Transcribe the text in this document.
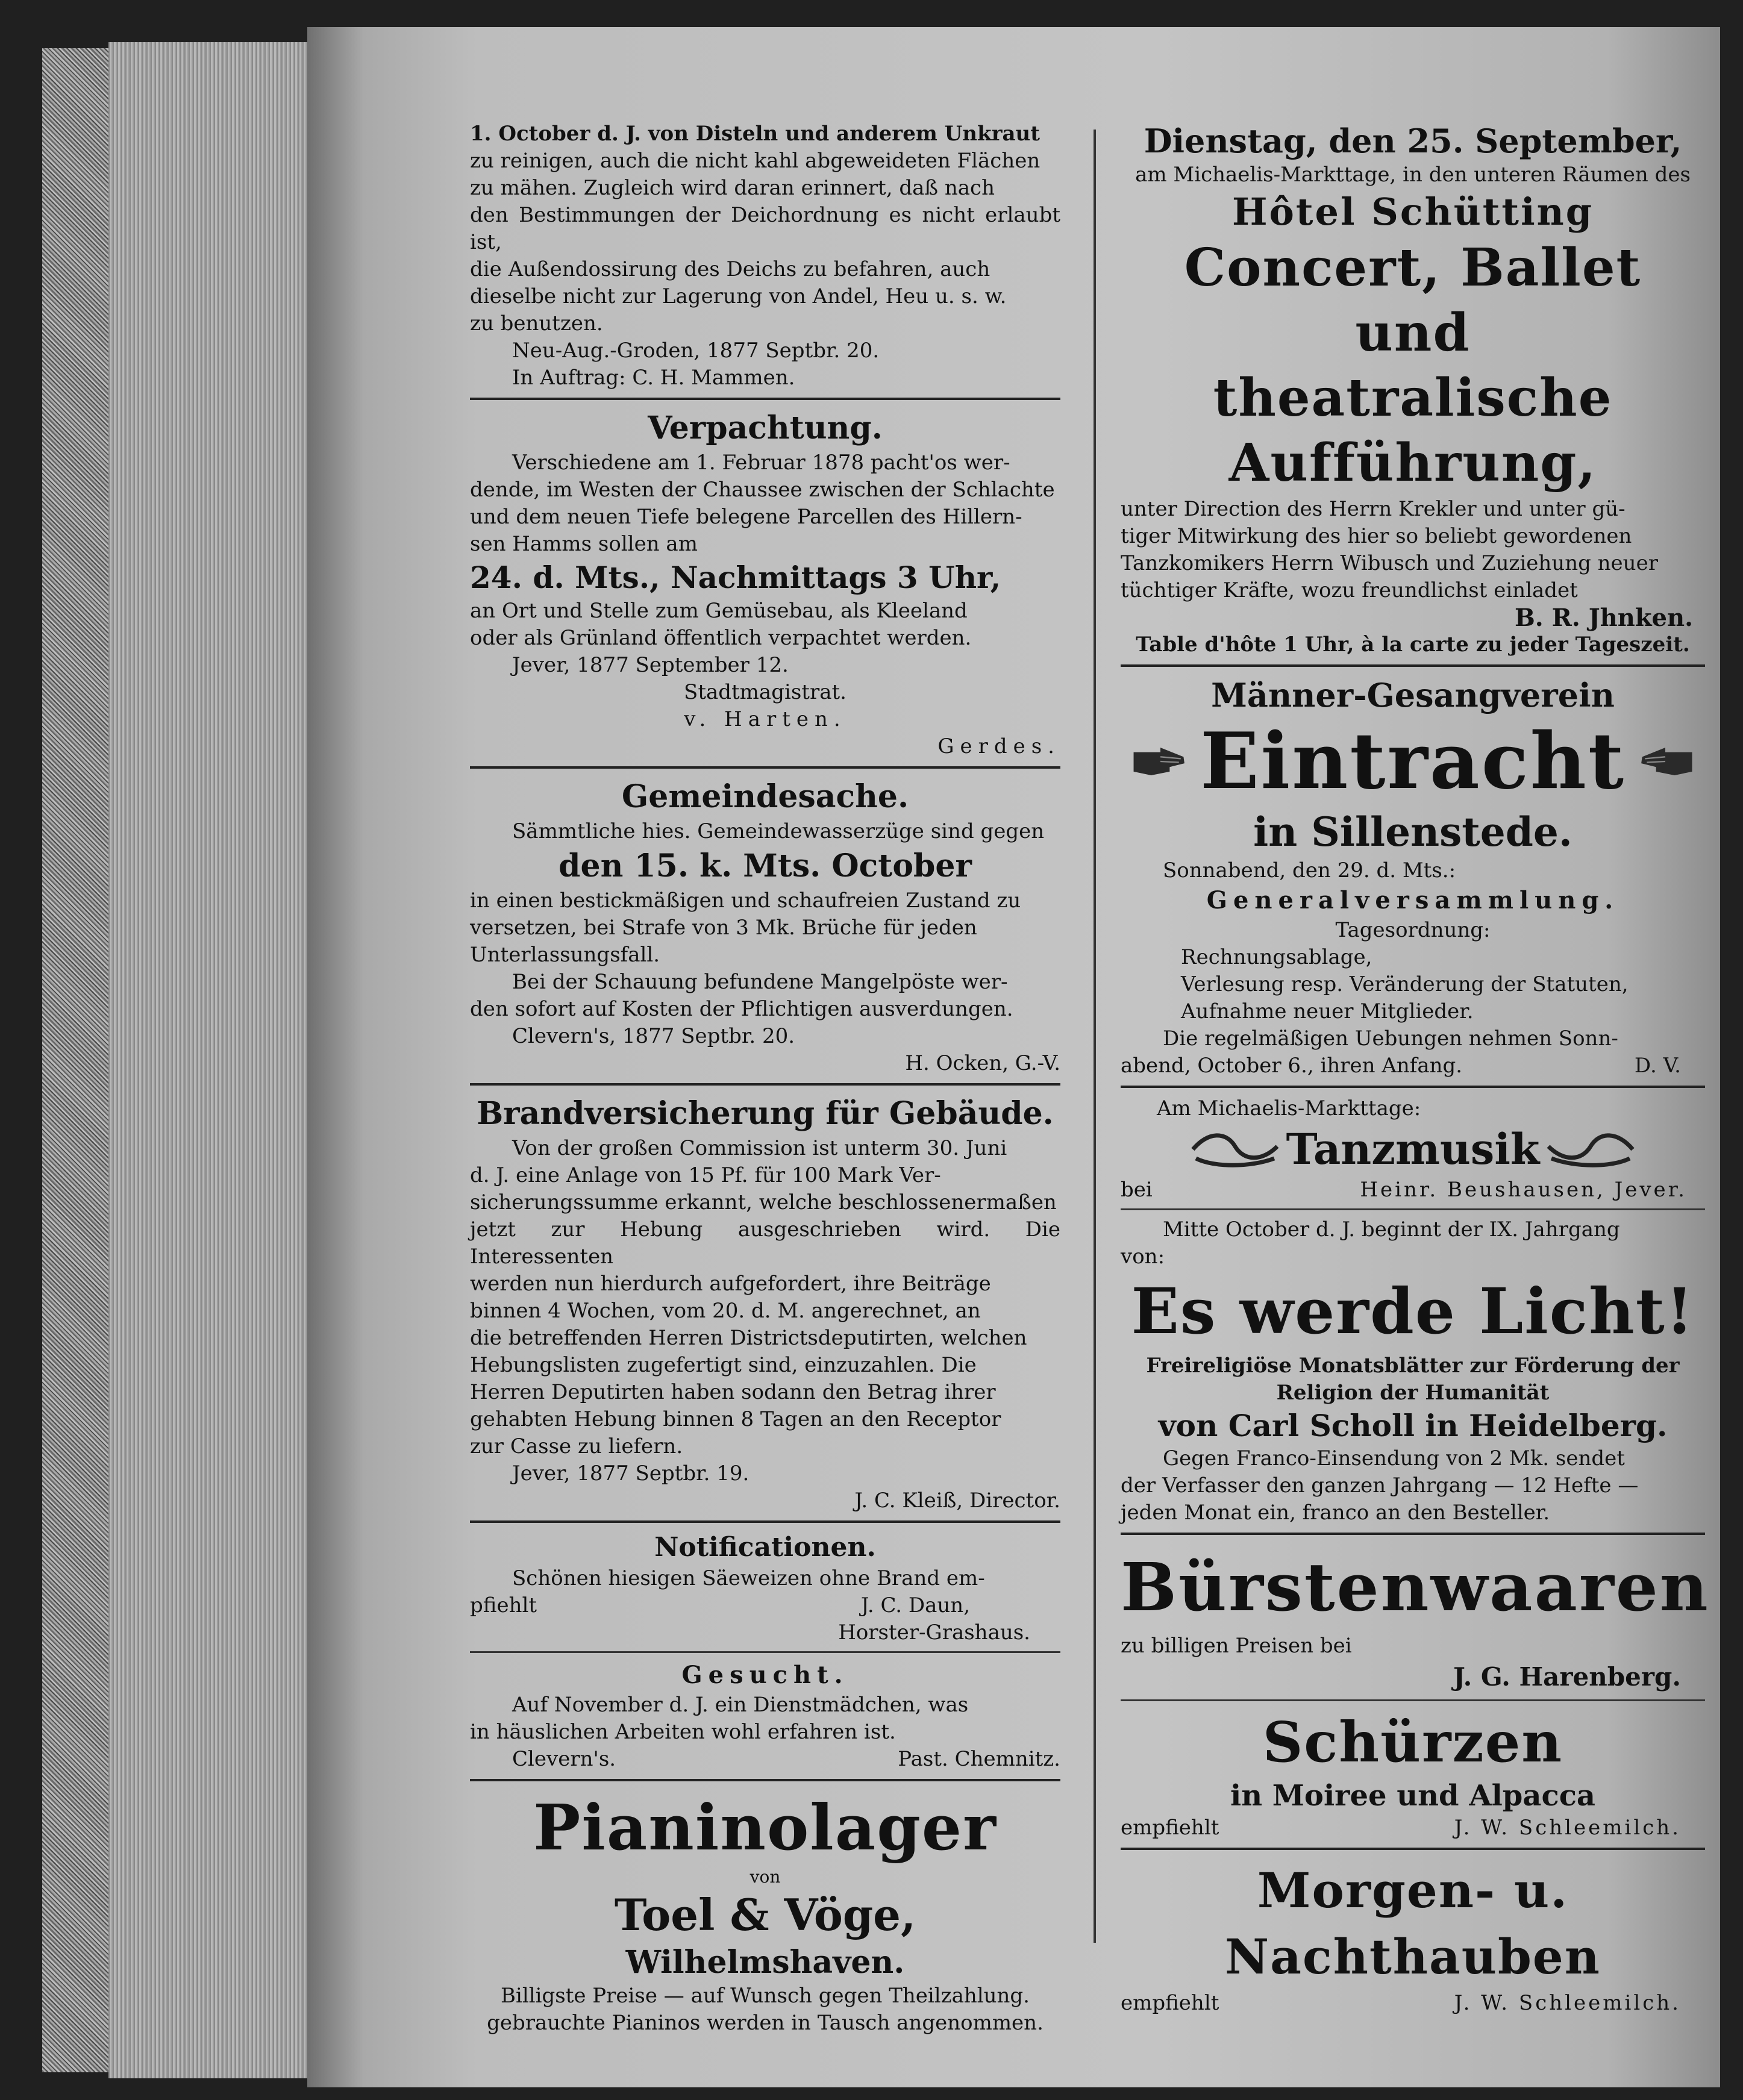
1. October d. J. von Disteln und anderem Unkraut

zu reinigen, auch die nicht kahl abgeweideten Flächen

zu mähen. Zugleich wird daran erinnert, daß nach

den Bestimmungen der Deichordnung es nicht erlaubt ist,

die Außendossirung des Deichs zu befahren, auch

dieselbe nicht zur Lagerung von Andel, Heu u. s. w.

zu benutzen.

Neu-Aug.-Groden, 1877 Septbr. 20.

In Auftrag: C. H. Mammen.

Verpachtung.

Verschiedene am 1. Februar 1878 pacht'os wer-

dende, im Westen der Chaussee zwischen der Schlachte

und dem neuen Tiefe belegene Parcellen des Hillern-

sen Hamms sollen am

24. d. Mts., Nachmittags 3 Uhr,

an Ort und Stelle zum Gemüsebau, als Kleeland

oder als Grünland öffentlich verpachtet werden.

Jever, 1877 September 12.

Stadtmagistrat.

v. Harten.

Gerdes.

Gemeindesache.

Sämmtliche hies. Gemeindewasserzüge sind gegen

den 15. k. Mts. October

in einen bestickmäßigen und schaufreien Zustand zu

versetzen, bei Strafe von 3 Mk. Brüche für jeden

Unterlassungsfall.

Bei der Schauung befundene Mangelpöste wer-

den sofort auf Kosten der Pflichtigen ausverdungen.

Clevern's, 1877 Septbr. 20.

H. Ocken, G.-V.

Brandversicherung für Gebäude.

Von der großen Commission ist unterm 30. Juni

d. J. eine Anlage von 15 Pf. für 100 Mark Ver-

sicherungssumme erkannt, welche beschlossenermaßen

jetzt zur Hebung ausgeschrieben wird. Die Interessenten

werden nun hierdurch aufgefordert, ihre Beiträge

binnen 4 Wochen, vom 20. d. M. angerechnet, an

die betreffenden Herren Districtsdeputirten, welchen

Hebungslisten zugefertigt sind, einzuzahlen. Die

Herren Deputirten haben sodann den Betrag ihrer

gehabten Hebung binnen 8 Tagen an den Receptor

zur Casse zu liefern.

Jever, 1877 Septbr. 19.

J. C. Kleiß, Director.

Notificationen.

Schönen hiesigen Säeweizen ohne Brand em-

pfiehlt	J. C. Daun,

Horster-Grashaus.

Gesucht.

Auf November d. J. ein Dienstmädchen, was

in häuslichen Arbeiten wohl erfahren ist.

Clevern's.	Past. Chemnitz.

Pianinolager

von

Toel & Vöge,

Wilhelmshaven.

Billigste Preise — auf Wunsch gegen Theilzahlung.

gebrauchte Pianinos werden in Tausch angenommen.

Dienstag, den 25. September,

am Michaelis-Markttage, in den unteren Räumen des

Hôtel Schütting

Concert, Ballet und

theatralische Aufführung,

unter Direction des Herrn Krekler und unter gü-

tiger Mitwirkung des hier so beliebt gewordenen

Tanzkomikers Herrn Wibusch und Zuziehung neuer

tüchtiger Kräfte, wozu freundlichst einladet

B. R. Jhnken.

Table d'hôte 1 Uhr, à la carte zu jeder Tageszeit.

Männer-Gesangverein

Eintracht

in Sillenstede.

Sonnabend, den 29. d. Mts.:

Generalversammlung.

Tagesordnung:

Rechnungsablage,

Verlesung resp. Veränderung der Statuten,

Aufnahme neuer Mitglieder.

Die regelmäßigen Uebungen nehmen Sonn-

abend, October 6., ihren Anfang.	D. V.

Am Michaelis-Markttage:

Tanzmusik
bei	Heinr. Beushausen, Jever.

Mitte October d. J. beginnt der IX. Jahrgang

von:

Es werde Licht!

Freireligiöse Monatsblätter zur Förderung der

Religion der Humanität

von Carl Scholl in Heidelberg.

Gegen Franco-Einsendung von 2 Mk. sendet

der Verfasser den ganzen Jahrgang — 12 Hefte —

jeden Monat ein, franco an den Besteller.

Bürstenwaaren

zu billigen Preisen bei

J. G. Harenberg.

Schürzen

in Moiree und Alpacca

empfiehlt	J. W. Schleemilch.

Morgen- u. Nachthauben

empfiehlt	J. W. Schleemilch.
